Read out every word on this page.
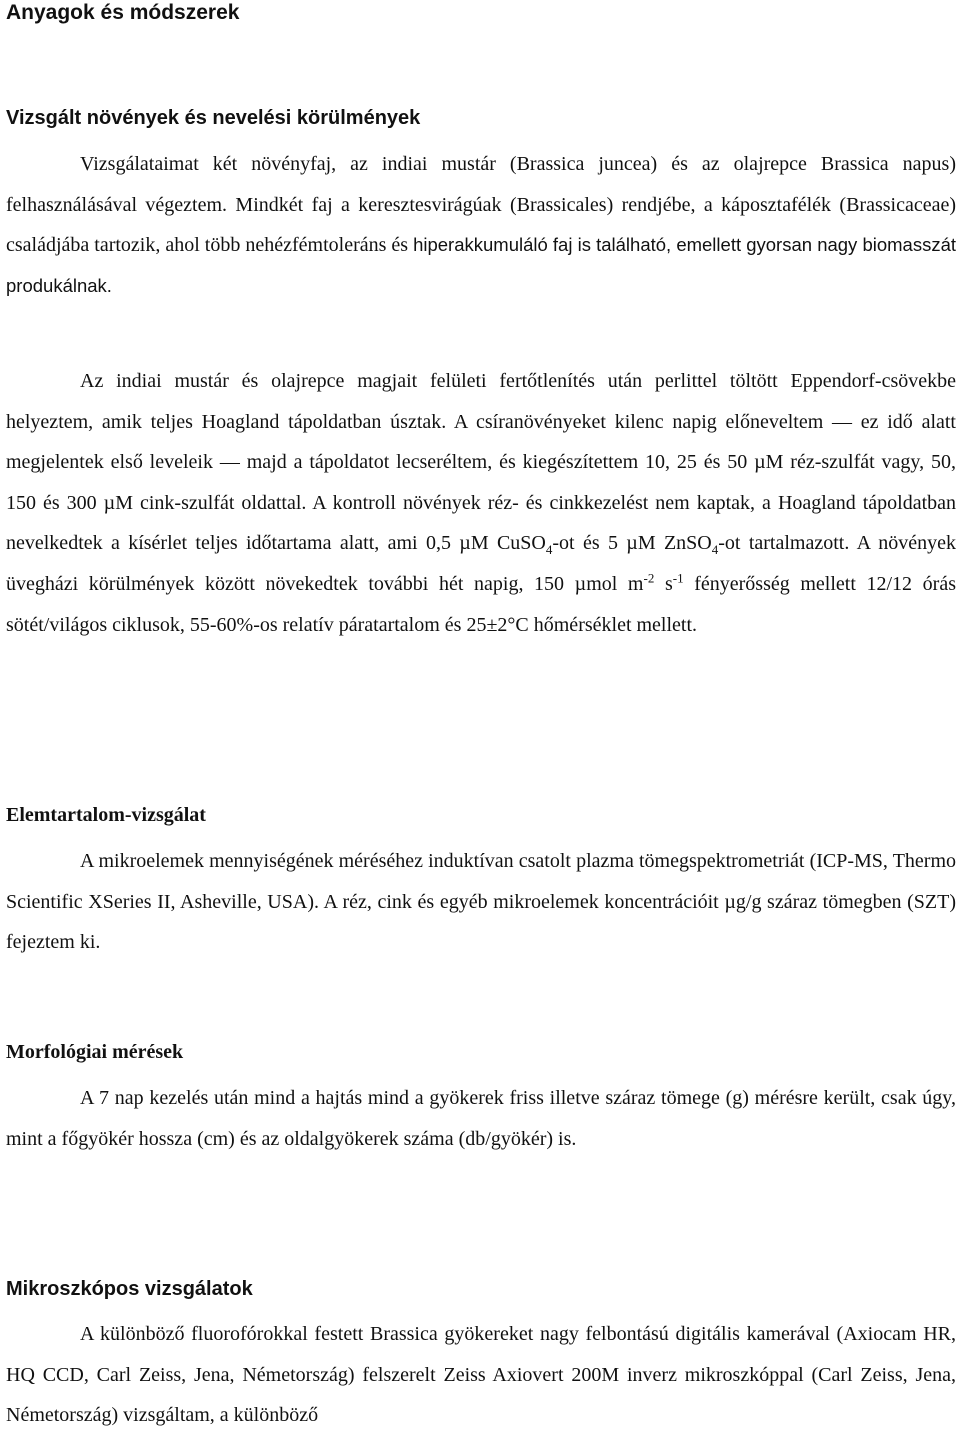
Anyagok és módszerek
Vizsgált növények és nevelési körülmények

Vizsgálataimat két növényfaj, az indiai mustár (Brassica juncea) és az olajrepce Brassica napus) felhasználásával végeztem. Mindkét faj a keresztesvirágúak (Brassicales) rendjébe, a káposztafélék (Brassicaceae) családjába tartozik, ahol több nehézfémtoleráns és hiperakkumuláló faj is található, emellett gyorsan nagy biomasszát produkálnak.

Az indiai mustár és olajrepce magjait felületi fertőtlenítés után perlittel töltött Eppendorf-csövekbe helyeztem, amik teljes Hoagland tápoldatban úsztak. A csíranövényeket kilenc napig előneveltem ― ez idő alatt megjelentek első leveleik ― majd a tápoldatot lecseréltem, és kiegészítettem 10, 25 és 50 µM réz-szulfát vagy, 50, 150 és 300 µM cink-szulfát oldattal. A kontroll növények réz- és cinkkezelést nem kaptak, a Hoagland tápoldatban nevelkedtek a kísérlet teljes időtartama alatt, ami 0,5 µM CuSO$_4$-ot és 5 µM ZnSO$_4$-ot tartalmazott. A növények üvegházi körülmények között növekedtek további hét napig, 150 µmol $m^{-2}$ $s^{-1}$ fényerősség mellett 12/12 órás sötét/világos ciklusok, 55-60%-os relatív páratartalom és 25±2°C hőmérséklet mellett.

Elemtartalom-vizsgálat

A mikroelemek mennyiségének méréséhez induktívan csatolt plazma tömegspektrometriát (ICP-MS, Thermo Scientific XSeries II, Asheville, USA). A réz, cink és egyéb mikroelemek koncentrációit µg/g száraz tömegben (SZT) fejeztem ki.

Morfológiai mérések

A 7 nap kezelés után mind a hajtás mind a gyökerek friss illetve száraz tömege (g) mérésre került, csak úgy, mint a főgyökér hossza (cm) és az oldalgyökerek száma (db/gyökér) is.

Mikroszkópos vizsgálatok

A különböző fluorofórokkal festett Brassica gyökereket nagy felbontású digitális kamerával (Axiocam HR, HQ CCD, Carl Zeiss, Jena, Németország) felszerelt Zeiss Axiovert 200M inverz mikroszkóppal (Carl Zeiss, Jena, Németország) vizsgáltam, a különböző
